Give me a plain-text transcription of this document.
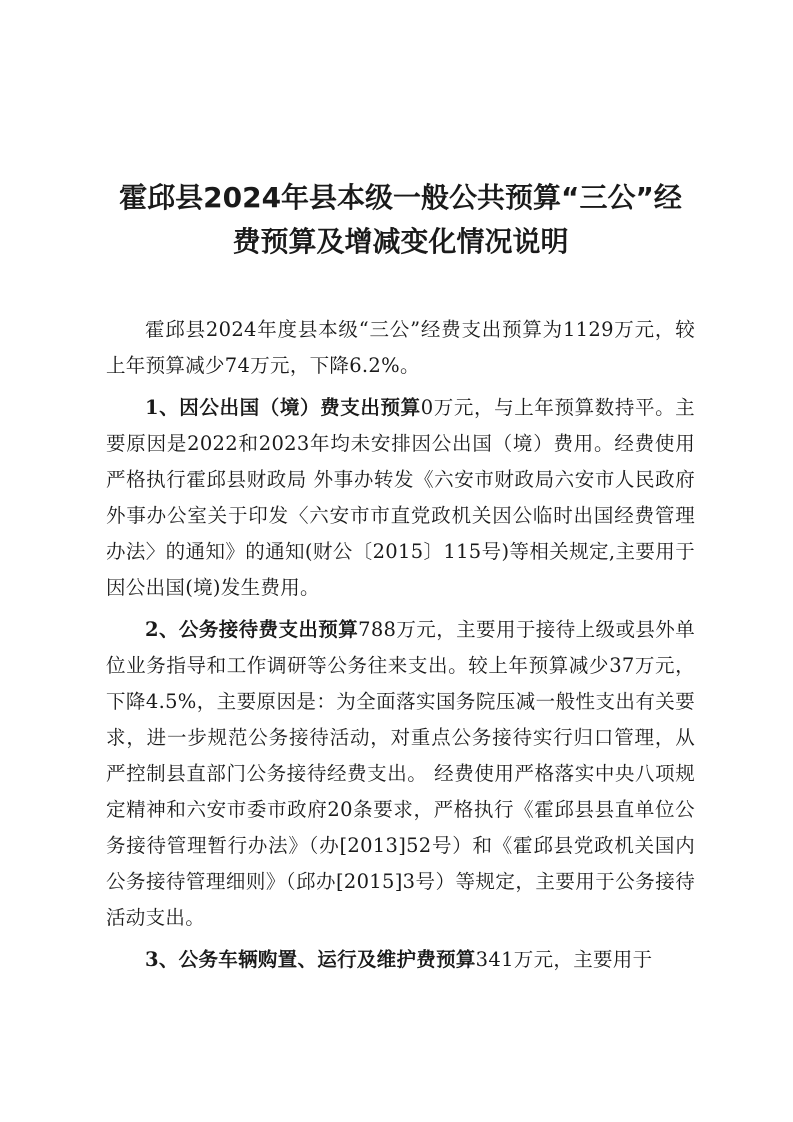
霍邱县2024年县本级一般公共预算“三公”经
费预算及增减变化情况说明

霍邱县2024年度县本级“三公”经费支出预算为1129万元，较上年预算减少74万元，下降6.2%。

1、因公出国（境）费支出预算0万元，与上年预算数持平。主要原因是2022和2023年均未安排因公出国（境）费用。经费使用严格执行霍邱县财政局 外事办转发《六安市财政局六安市人民政府外事办公室关于印发〈六安市市直党政机关因公临时出国经费管理办法〉的通知》的通知(财公〔2015〕115号)等相关规定,主要用于因公出国(境)发生费用。

2、公务接待费支出预算788万元，主要用于接待上级或县外单位业务指导和工作调研等公务往来支出。较上年预算减少37万元，下降4.5%，主要原因是：为全面落实国务院压减一般性支出有关要求，进一步规范公务接待活动，对重点公务接待实行归口管理，从严控制县直部门公务接待经费支出。 经费使用严格落实中央八项规定精神和六安市委市政府20条要求，严格执行《霍邱县县直单位公务接待管理暂行办法》（办[2013]52号）和《霍邱县党政机关国内公务接待管理细则》（邱办[2015]3号）等规定，主要用于公务接待活动支出。

3、公务车辆购置、运行及维护费预算341万元，主要用于
